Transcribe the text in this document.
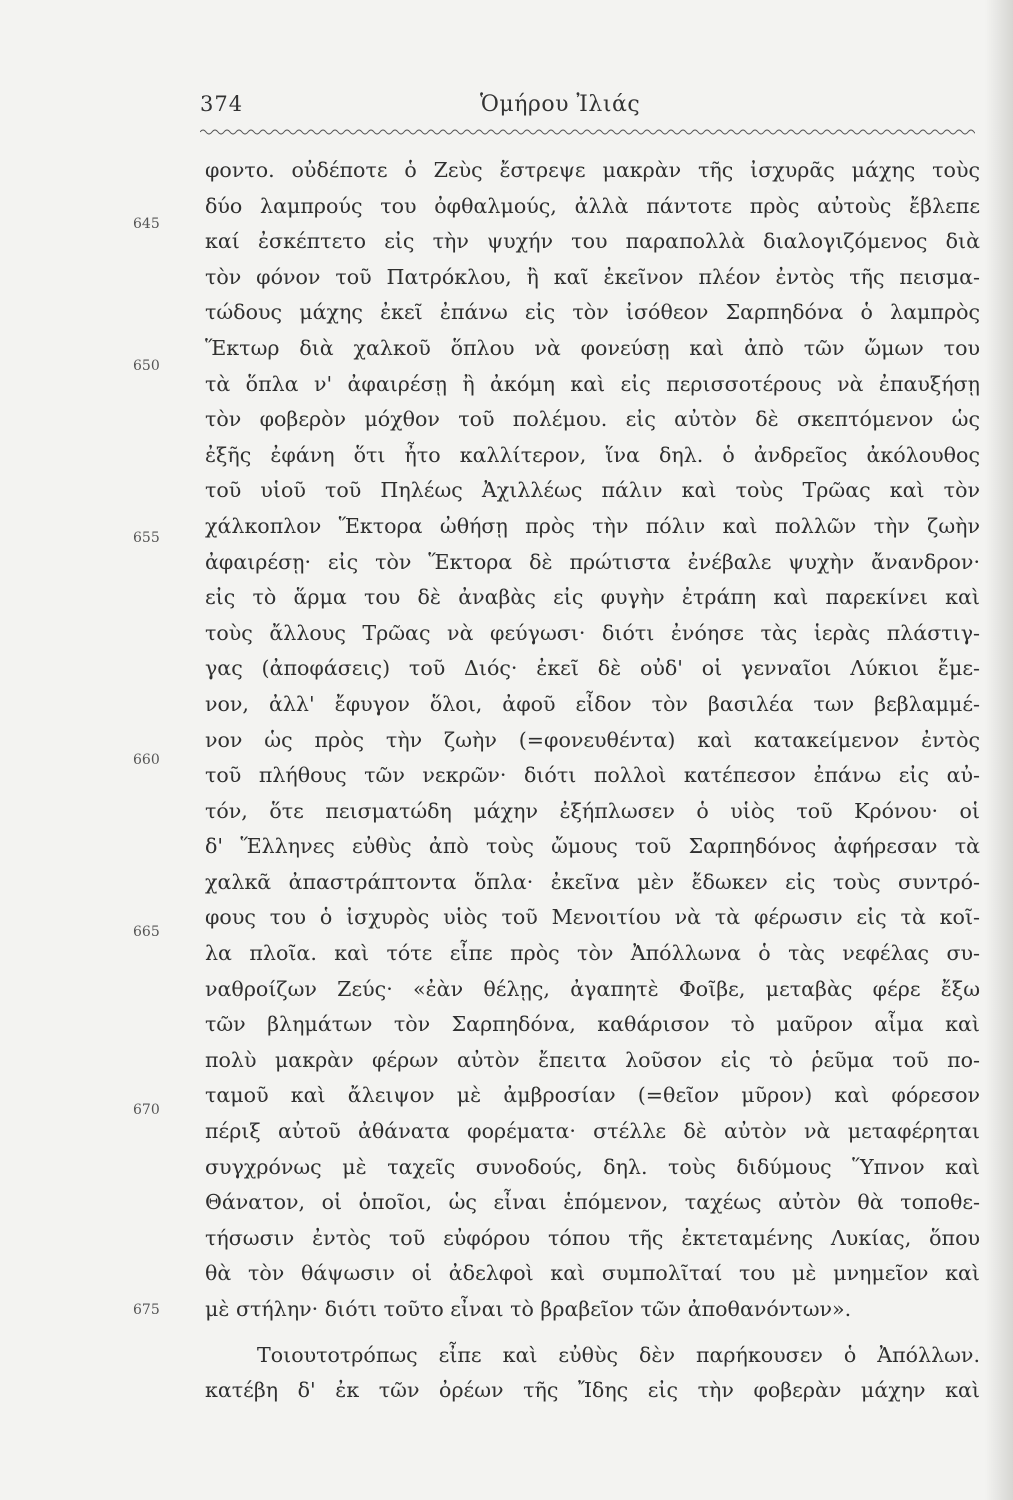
374	Ὁμήρου Ἰλιάς
645
650
655
660
665
670
675
φοντο. οὐδέποτε ὁ Ζεὺς ἔστρεψε μακρὰν τῆς ἰσχυρᾶς μάχης τοὺς
δύο λαμπρούς του ὀφθαλμούς, ἀλλὰ πάντοτε πρὸς αὐτοὺς ἔβλεπε
καί ἐσκέπτετο εἰς τὴν ψυχήν του παραπολλὰ διαλογιζόμενος διὰ
τὸν φόνον τοῦ Πατρόκλου, ἢ καῖ ἐκεῖνον πλέον ἐντὸς τῆς πεισμα-
τώδους μάχης ἐκεῖ ἐπάνω εἰς τὸν ἰσόθεον Σαρπηδόνα ὁ λαμπρὸς
Ἕκτωρ διὰ χαλκοῦ ὅπλου νὰ φονεύσῃ καὶ ἀπὸ τῶν ὤμων του
τὰ ὅπλα ν' ἀφαιρέσῃ ἢ ἀκόμη καὶ εἰς περισσοτέρους νὰ ἐπαυξήσῃ
τὸν φοβερὸν μόχθον τοῦ πολέμου. εἰς αὐτὸν δὲ σκεπτόμενον ὡς
ἐξῆς ἐφάνη ὅτι ἦτο καλλίτερον, ἵνα δηλ. ὁ ἀνδρεῖος ἀκόλουθος
τοῦ υἱοῦ τοῦ Πηλέως Ἀχιλλέως πάλιν καὶ τοὺς Τρῶας καὶ τὸν
χάλκοπλον Ἕκτορα ὠθήσῃ πρὸς τὴν πόλιν καὶ πολλῶν τὴν ζωὴν
ἀφαιρέσῃ· εἰς τὸν Ἕκτορα δὲ πρώτιστα ἐνέβαλε ψυχὴν ἄνανδρον·
εἰς τὸ ἅρμα του δὲ ἀναβὰς εἰς φυγὴν ἐτράπη καὶ παρεκίνει καὶ
τοὺς ἄλλους Τρῶας νὰ φεύγωσι· διότι ἐνόησε τὰς ἱερὰς πλάστιγ-
γας (ἀποφάσεις) τοῦ Διός· ἐκεῖ δὲ οὐδ' οἱ γενναῖοι Λύκιοι ἔμε-
νον, ἀλλ' ἔφυγον ὅλοι, ἀφοῦ εἶδον τὸν βασιλέα των βεβλαμμέ-
νον ὡς πρὸς τὴν ζωὴν (=φονευθέντα) καὶ κατακείμενον ἐντὸς
τοῦ πλήθους τῶν νεκρῶν· διότι πολλοὶ κατέπεσον ἐπάνω εἰς αὐ-
τόν, ὅτε πεισματώδη μάχην ἐξήπλωσεν ὁ υἱὸς τοῦ Κρόνου· οἱ
δ' Ἕλληνες εὐθὺς ἀπὸ τοὺς ὤμους τοῦ Σαρπηδόνος ἀφήρεσαν τὰ
χαλκᾶ ἀπαστράπτοντα ὅπλα· ἐκεῖνα μὲν ἔδωκεν εἰς τοὺς συντρό-
φους του ὁ ἰσχυρὸς υἱὸς τοῦ Μενοιτίου νὰ τὰ φέρωσιν εἰς τὰ κοῖ-
λα πλοῖα. καὶ τότε εἶπε πρὸς τὸν Ἀπόλλωνα ὁ τὰς νεφέλας συ-
ναθροίζων Ζεύς· «ἐὰν θέλῃς, ἀγαπητὲ Φοῖβε, μεταβὰς φέρε ἔξω
τῶν βλημάτων τὸν Σαρπηδόνα, καθάρισον τὸ μαῦρον αἷμα καὶ
πολὺ μακρὰν φέρων αὐτὸν ἔπειτα λοῦσον εἰς τὸ ῥεῦμα τοῦ πο-
ταμοῦ καὶ ἄλειψον μὲ ἀμβροσίαν (=θεῖον μῦρον) καὶ φόρεσον
πέριξ αὐτοῦ ἀθάνατα φορέματα· στέλλε δὲ αὐτὸν νὰ μεταφέρηται
συγχρόνως μὲ ταχεῖς συνοδούς, δηλ. τοὺς διδύμους Ὕπνον καὶ
Θάνατον, οἱ ὁποῖοι, ὡς εἶναι ἑπόμενον, ταχέως αὐτὸν θὰ τοποθε-
τήσωσιν ἐντὸς τοῦ εὐφόρου τόπου τῆς ἐκτεταμένης Λυκίας, ὅπου
θὰ τὸν θάψωσιν οἱ ἀδελφοὶ καὶ συμπολῖταί του μὲ μνημεῖον καὶ
μὲ στήλην· διότι τοῦτο εἶναι τὸ βραβεῖον τῶν ἀποθανόντων».
Τοιουτοτρόπως εἶπε καὶ εὐθὺς δὲν παρήκουσεν ὁ Ἀπόλλων.
κατέβη δ' ἐκ τῶν ὀρέων τῆς Ἴδης εἰς τὴν φοβερὰν μάχην καὶ
